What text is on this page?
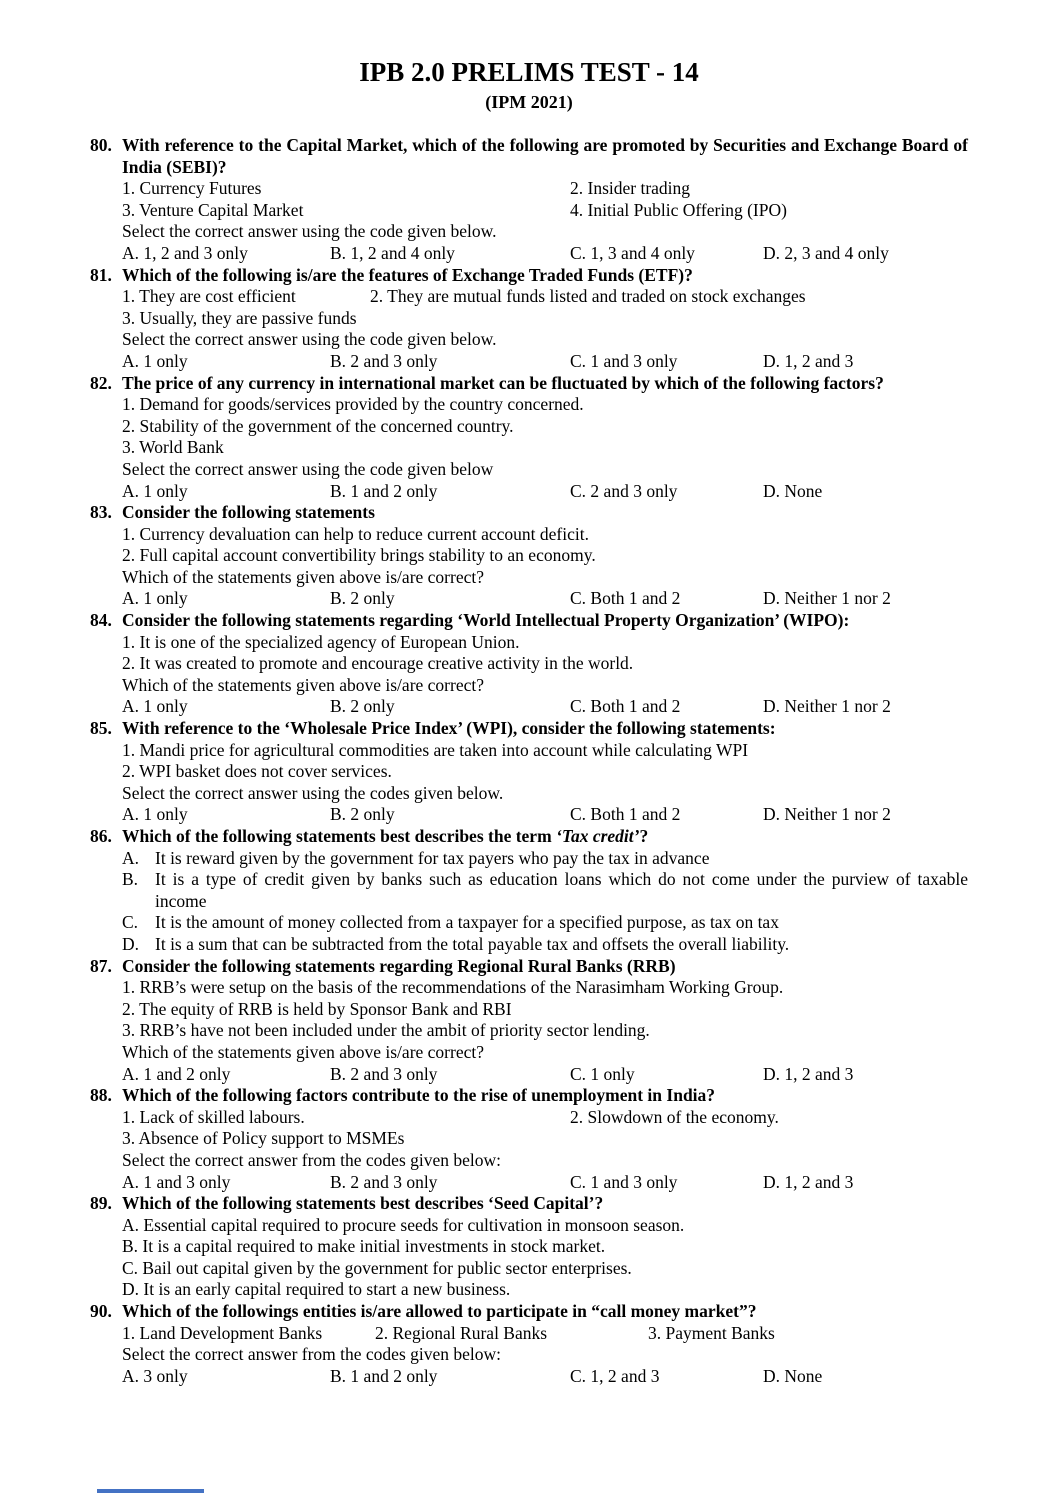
IPB 2.0 PRELIMS TEST - 14
(IPM 2021)
80. With reference to the Capital Market, which of the following are promoted by Securities and Exchange Board of India (SEBI)?

1. Currency Futures	2. Insider trading
3. Venture Capital Market	4. Initial Public Offering (IPO)

Select the correct answer using the code given below.

A. 1, 2 and 3 only	B. 1, 2 and 4 only	C. 1, 3 and 4 only	D. 2, 3 and 4 only
81. Which of the following is/are the features of Exchange Traded Funds (ETF)?

1. They are cost efficient	2. They are mutual funds listed and traded on stock exchanges

3. Usually, they are passive funds

Select the correct answer using the code given below.

A. 1 only	B. 2 and 3 only	C. 1 and 3 only	D. 1, 2 and 3
82. The price of any currency in international market can be fluctuated by which of the following factors?

1. Demand for goods/services provided by the country concerned.

2. Stability of the government of the concerned country.

3. World Bank

Select the correct answer using the code given below

A. 1 only	B. 1 and 2 only	C. 2 and 3 only	D. None
83. Consider the following statements

1. Currency devaluation can help to reduce current account deficit.

2. Full capital account convertibility brings stability to an economy.

Which of the statements given above is/are correct?

A. 1 only	B. 2 only	C. Both 1 and 2	D. Neither 1 nor 2
84. Consider the following statements regarding ‘World Intellectual Property Organization’ (WIPO):

1. It is one of the specialized agency of European Union.

2. It was created to promote and encourage creative activity in the world.

Which of the statements given above is/are correct?

A. 1 only	B. 2 only	C. Both 1 and 2	D. Neither 1 nor 2
85. With reference to the ‘Wholesale Price Index’ (WPI), consider the following statements:

1. Mandi price for agricultural commodities are taken into account while calculating WPI

2. WPI basket does not cover services.

Select the correct answer using the codes given below.

A. 1 only	B. 2 only	C. Both 1 and 2	D. Neither 1 nor 2
86. Which of the following statements best describes the term ‘Tax credit’?

A. It is reward given by the government for tax payers who pay the tax in advance

B. It is a type of credit given by banks such as education loans which do not come under the purview of taxable income

C. It is the amount of money collected from a taxpayer for a specified purpose, as tax on tax

D. It is a sum that can be subtracted from the total payable tax and offsets the overall liability.

87. Consider the following statements regarding Regional Rural Banks (RRB)

1. RRB’s were setup on the basis of the recommendations of the Narasimham Working Group.

2. The equity of RRB is held by Sponsor Bank and RBI

3. RRB’s have not been included under the ambit of priority sector lending.

Which of the statements given above is/are correct?

A. 1 and 2 only	B. 2 and 3 only	C. 1 only	D. 1, 2 and 3
88. Which of the following factors contribute to the rise of unemployment in India?

1. Lack of skilled labours.	2. Slowdown of the economy.

3. Absence of Policy support to MSMEs

Select the correct answer from the codes given below:

A. 1 and 3 only	B. 2 and 3 only	C. 1 and 3 only	D. 1, 2 and 3
89. Which of the following statements best describes ‘Seed Capital’?

A. Essential capital required to procure seeds for cultivation in monsoon season.

B. It is a capital required to make initial investments in stock market.

C. Bail out capital given by the government for public sector enterprises.

D. It is an early capital required to start a new business.

90. Which of the followings entities is/are allowed to participate in “call money market”?

1. Land Development Banks	2. Regional Rural Banks	3. Payment Banks

Select the correct answer from the codes given below:

A. 3 only	B. 1 and 2 only	C. 1, 2 and 3	D. None
